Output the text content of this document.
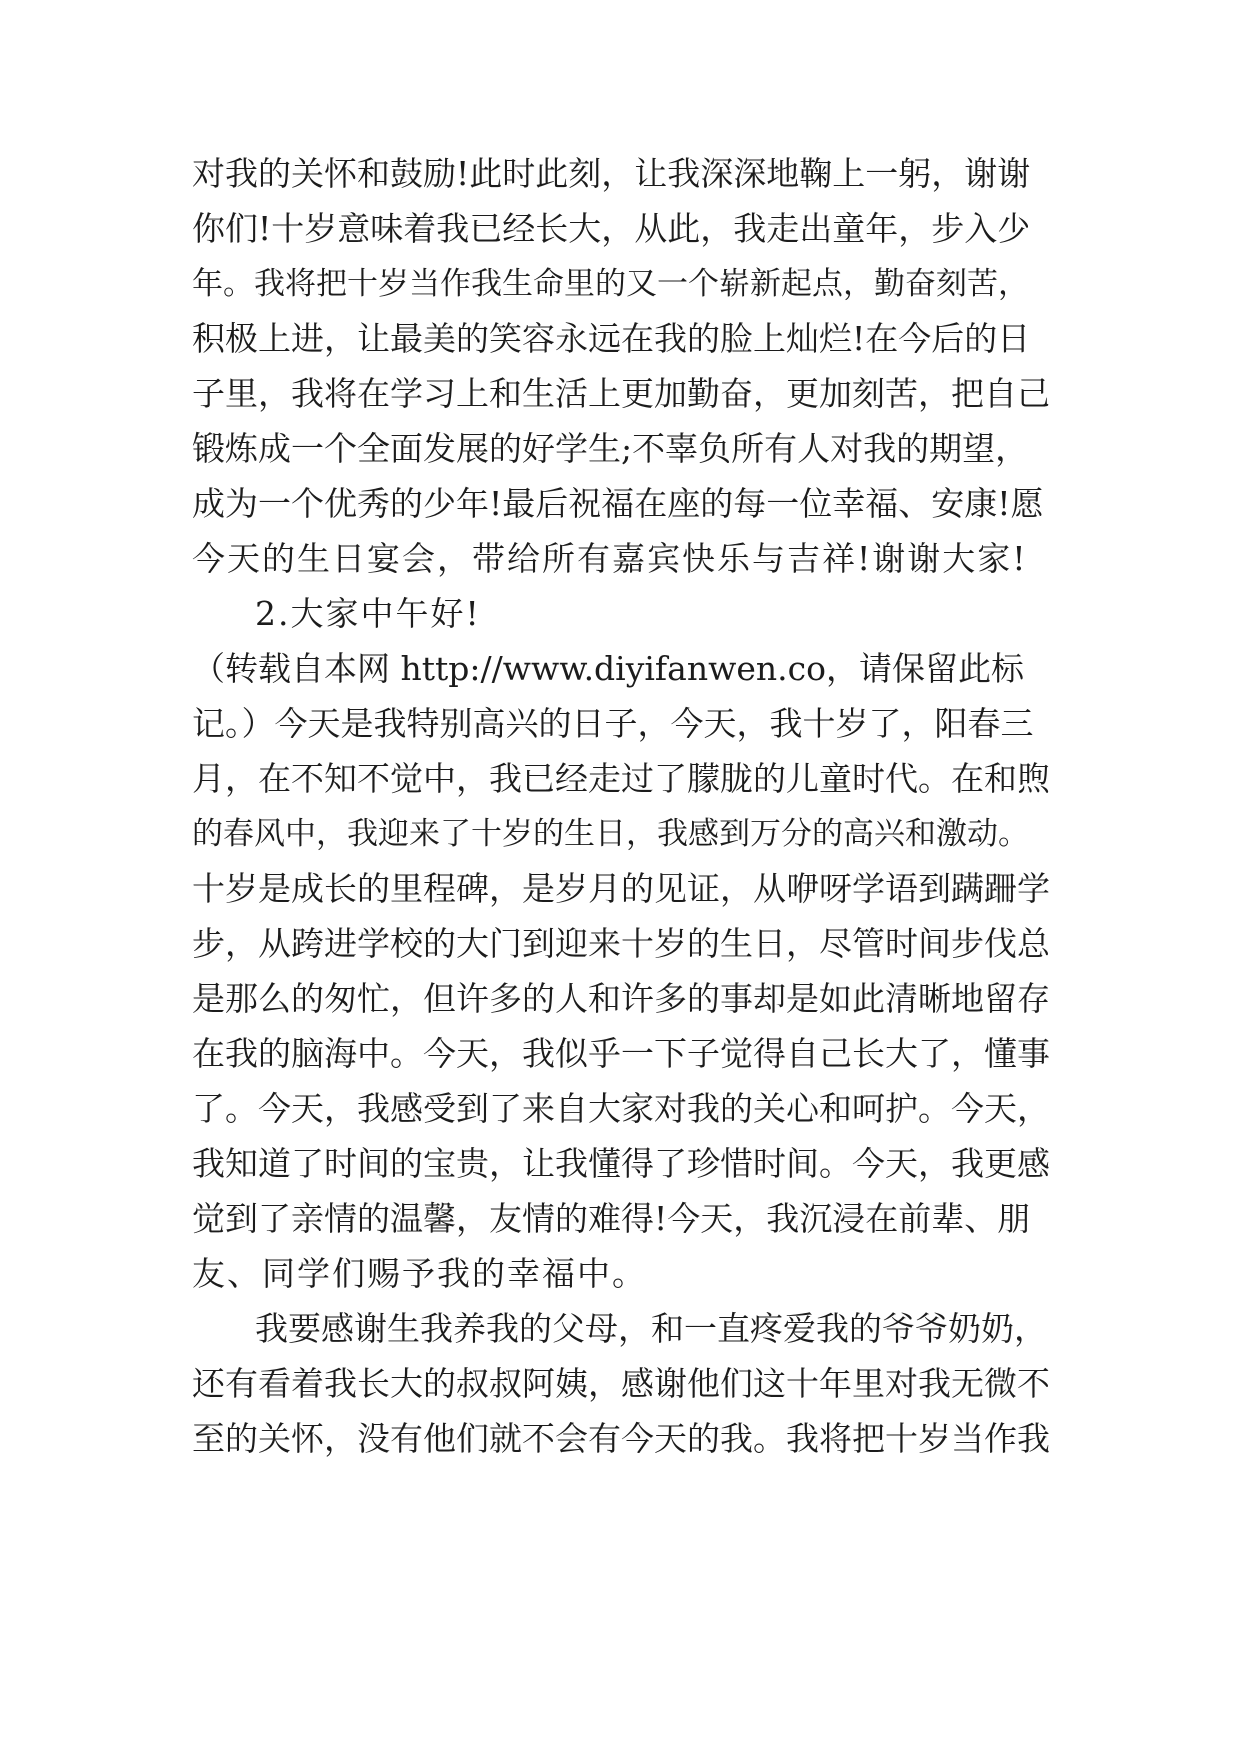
对我的关怀和鼓励!此时此刻，让我深深地鞠上一躬，谢谢
你们!十岁意味着我已经长大，从此，我走出童年，步入少
年。我将把十岁当作我生命里的又一个崭新起点，勤奋刻苦，
积极上进，让最美的笑容永远在我的脸上灿烂!在今后的日
子里，我将在学习上和生活上更加勤奋，更加刻苦，把自己
锻炼成一个全面发展的好学生;不辜负所有人对我的期望，
成为一个优秀的少年!最后祝福在座的每一位幸福、安康!愿
今天的生日宴会，带给所有嘉宾快乐与吉祥!谢谢大家!
2.大家中午好!
（转载自本网 http://www.diyifanwen.co，请保留此标
记。）今天是我特别高兴的日子，今天，我十岁了，阳春三
月，在不知不觉中，我已经走过了朦胧的儿童时代。在和煦
的春风中，我迎来了十岁的生日，我感到万分的高兴和激动。
十岁是成长的里程碑，是岁月的见证，从咿呀学语到蹒跚学
步，从跨进学校的大门到迎来十岁的生日，尽管时间步伐总
是那么的匆忙，但许多的人和许多的事却是如此清晰地留存
在我的脑海中。今天，我似乎一下子觉得自己长大了，懂事
了。今天，我感受到了来自大家对我的关心和呵护。今天，
我知道了时间的宝贵，让我懂得了珍惜时间。今天，我更感
觉到了亲情的温馨，友情的难得!今天，我沉浸在前辈、朋
友、同学们赐予我的幸福中。
我要感谢生我养我的父母，和一直疼爱我的爷爷奶奶，
还有看着我长大的叔叔阿姨，感谢他们这十年里对我无微不
至的关怀，没有他们就不会有今天的我。我将把十岁当作我
